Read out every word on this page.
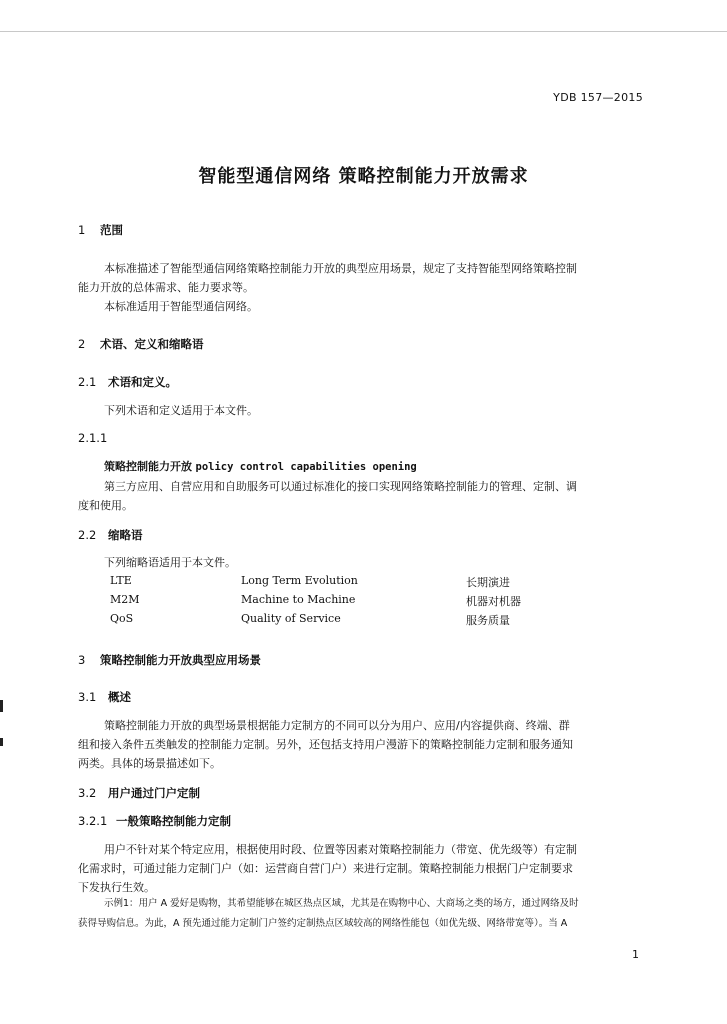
YDB 157—2015
智能型通信网络 策略控制能力开放需求
1 范围
本标准描述了智能型通信网络策略控制能力开放的典型应用场景，规定了支持智能型网络策略控制
能力开放的总体需求、能力要求等。
本标准适用于智能型通信网络。
2 术语、定义和缩略语
2.1 术语和定义。
下列术语和定义适用于本文件。
2.1.1
策略控制能力开放 policy control capabilities opening
第三方应用、自营应用和自助服务可以通过标准化的接口实现网络策略控制能力的管理、定制、调
度和使用。
2.2 缩略语
下列缩略语适用于本文件。
LTE	Long Term Evolution	长期演进
M2M	Machine to Machine	机器对机器
QoS	Quality of Service	服务质量
3 策略控制能力开放典型应用场景
3.1 概述
策略控制能力开放的典型场景根据能力定制方的不同可以分为用户、应用/内容提供商、终端、群
组和接入条件五类触发的控制能力定制。另外，还包括支持用户漫游下的策略控制能力定制和服务通知
两类。具体的场景描述如下。
3.2 用户通过门户定制
3.2.1 一般策略控制能力定制
用户不针对某个特定应用，根据使用时段、位置等因素对策略控制能力（带宽、优先级等）有定制
化需求时，可通过能力定制门户（如：运营商自营门户）来进行定制。策略控制能力根据门户定制要求
下发执行生效。
示例1：用户 A 爱好是购物，其希望能够在城区热点区域，尤其是在购物中心、大商场之类的场方，通过网络及时
获得导购信息。为此，A 预先通过能力定制门户签约定制热点区域较高的网络性能包（如优先级、网络带宽等）。当 A
1
